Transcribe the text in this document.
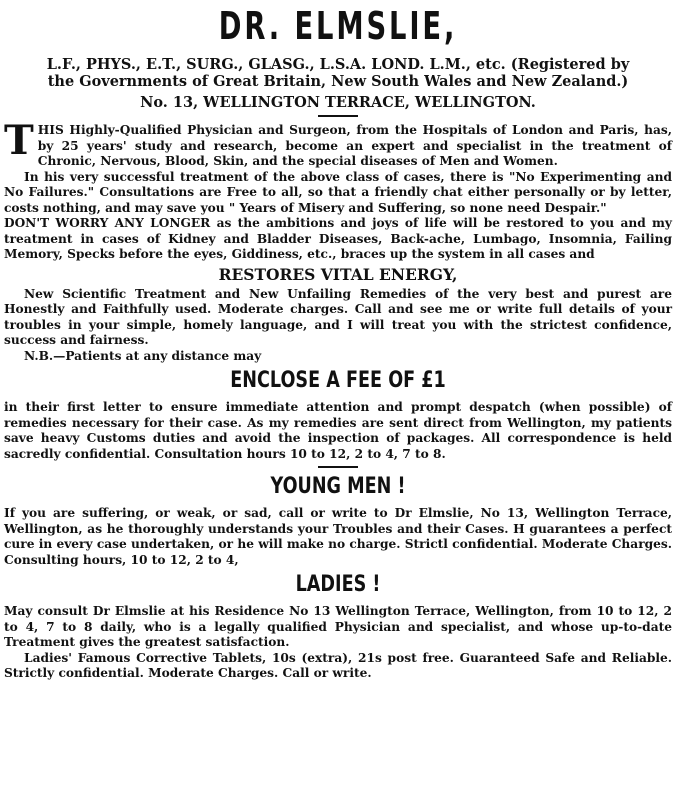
DR. ELMSLIE,
L.F., PHYS., E.T., SURG., GLASG., L.S.A. LOND. L.M., etc. (Registered by the Governments of Great Britain, New South Wales and New Zealand.)
No. 13, WELLINGTON TERRACE, WELLINGTON.

T HIS Highly-Qualified Physician and Surgeon, from the Hospitals of London and Paris, has, by 25 years' study and research, become an expert and specialist in the treatment of Chronic, Nervous, Blood, Skin, and the special diseases of Men and Women.

In his very successful treatment of the above class of cases, there is "No Experimenting and No Failures." Consultations are Free to all, so that a friendly chat either personally or by letter, costs nothing, and may save you " Years of Misery and Suffering, so none need Despair."

DON'T WORRY ANY LONGER as the ambitions and joys of life will be restored to you and my treatment in cases of Kidney and Bladder Diseases, Back-ache, Lumbago, Insomnia, Failing Memory, Specks before the eyes, Giddiness, etc., braces up the system in all cases and

RESTORES VITAL ENERGY,

New Scientific Treatment and New Unfailing Remedies of the very best and purest are Honestly and Faithfully used. Moderate charges. Call and see me or write full details of your troubles in your simple, homely language, and I will treat you with the strictest confidence, success and fairness.

N.B.—Patients at any distance may

ENCLOSE A FEE OF £1

in their first letter to ensure immediate attention and prompt despatch (when possible) of remedies necessary for their case. As my remedies are sent direct from Wellington, my patients save heavy Customs duties and avoid the inspection of packages. All correspondence is held sacredly confidential. Consultation hours 10 to 12, 2 to 4, 7 to 8.

YOUNG MEN !

If you are suffering, or weak, or sad, call or write to Dr Elmslie, No 13, Wellington Terrace, Wellington, as he thoroughly understands your Troubles and their Cases. H guarantees a perfect cure in every case undertaken, or he will make no charge. Strictl confidential. Moderate Charges. Consulting hours, 10 to 12, 2 to 4,

LADIES !

May consult Dr Elmslie at his Residence No 13 Wellington Terrace, Wellington, from 10 to 12, 2 to 4, 7 to 8 daily, who is a legally qualified Physician and specialist, and whose up-to-date Treatment gives the greatest satisfaction.

Ladies' Famous Corrective Tablets, 10s (extra), 21s post free. Guaranteed Safe and Reliable. Strictly confidential. Moderate Charges. Call or write.
